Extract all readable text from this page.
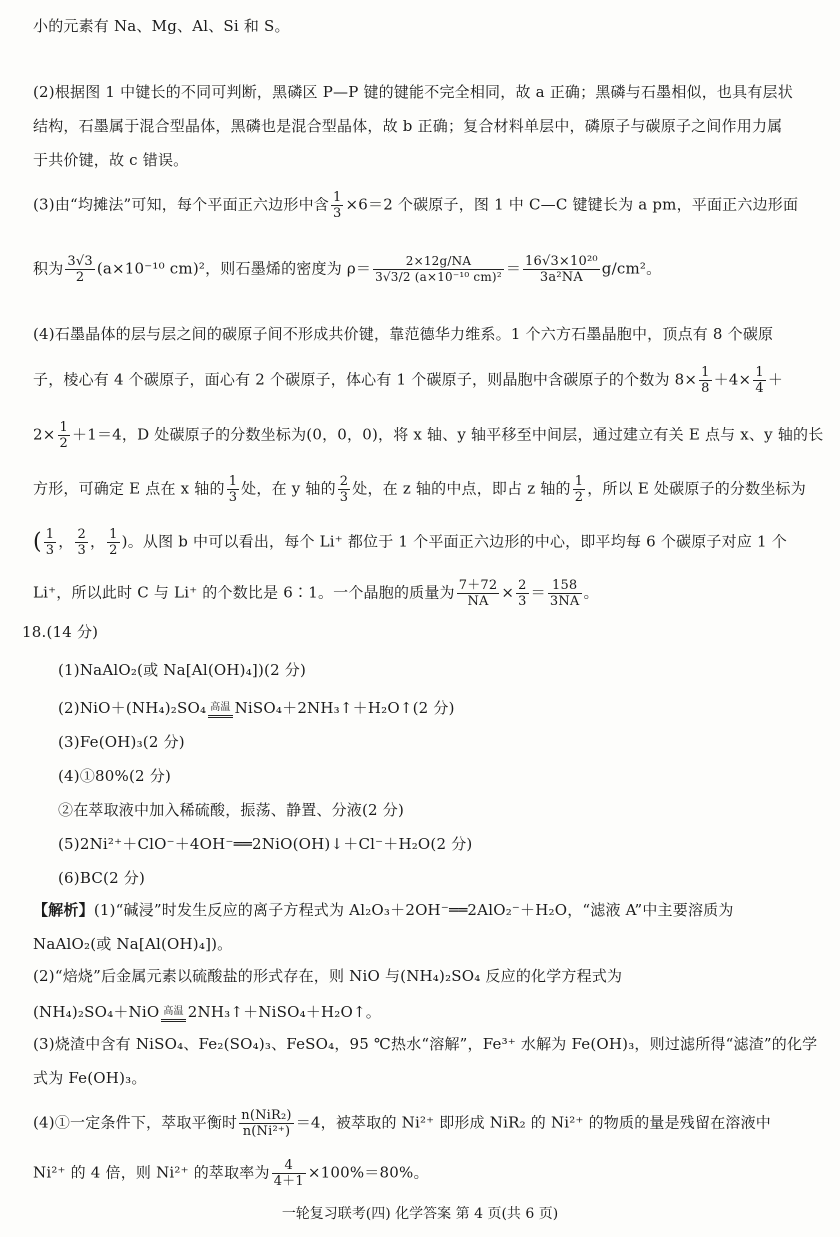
小的元素有 Na、Mg、Al、Si 和 S。
(2)根据图 1 中键长的不同可判断，黑磷区 P—P 键的键能不完全相同，故 a 正确；黑磷与石墨相似，也具有层状
结构，石墨属于混合型晶体，黑磷也是混合型晶体，故 b 正确；复合材料单层中，磷原子与碳原子之间作用力属
于共价键，故 c 错误。
(3)由“均摊法”可知，每个平面正六边形中含 $\frac{1}{3} \times 6=2$ 个碳原子，图 1 中 C—C 键键长为 a pm，平面正六边形面
积为 $\frac{3√3}{2} (a\times 10^{-10}$ cm)²，则石墨烯的密度为 $\rho= \frac{2\times 12g/NA}{\text{3√3/2 (a×10⁻¹⁰ cm)²}} = \frac{\text{16√3×10²⁰}}{\text{3a²NA}} g/cm^2$。
(4)石墨晶体的层与层之间的碳原子间不形成共价键，靠范德华力维系。1 个六方石墨晶胞中，顶点有 8 个碳原
子，棱心有 4 个碳原子，面心有 2 个碳原子，体心有 1 个碳原子，则晶胞中含碳原子的个数为 $8\times \frac{1}{8} +4\times \frac{1}{4}$ ＋
$2\times \frac{1}{2} +1=4$，D 处碳原子的分数坐标为(0，0，0)，将 x 轴、y 轴平移至中间层，通过建立有关 E 点与 x、y 轴的长
方形，可确定 E 点在 x 轴的 $\frac{1}{3}$ 处，在 y 轴的 $\frac{2}{3}$ 处，在 z 轴的中点，即占 z 轴的 $\frac{1}{2}$ ，所以 E 处碳原子的分数坐标为
( $\frac{1}{3}$ ， $\frac{2}{3}$ ， $\frac{1}{2}$ )。从图 b 中可以看出，每个 Li⁺ 都位于 1 个平面正六边形的中心，即平均每 6 个碳原子对应 1 个
Li⁺，所以此时 C 与 Li⁺ 的个数比是 6∶1。一个晶胞的质量为 $\frac{7+72}{NA} \times \frac{2}{3} = \frac{158}{3NA}$ 。
18.(14 分)
(1)NaAlO₂(或 Na[Al(OH)₄])(2 分)
(2)NiO＋(NH₄)₂SO₄ 高温 NiSO₄＋2NH₃↑＋H₂O↑(2 分)
(3)Fe(OH)₃(2 分)
(4)①80%(2 分)
②在萃取液中加入稀硫酸，振荡、静置、分液(2 分)
(5)2Ni²⁺＋ClO⁻＋4OH⁻══2NiO(OH)↓＋Cl⁻＋H₂O(2 分)
(6)BC(2 分)
【解析】(1)“碱浸”时发生反应的离子方程式为 Al₂O₃＋2OH⁻══2AlO₂⁻＋H₂O，“滤液 A”中主要溶质为
NaAlO₂(或 Na[Al(OH)₄])。
(2)“焙烧”后金属元素以硫酸盐的形式存在，则 NiO 与(NH₄)₂SO₄ 反应的化学方程式为
(NH₄)₂SO₄＋NiO 高温 2NH₃↑＋NiSO₄＋H₂O↑。
(3)烧渣中含有 NiSO₄、Fe₂(SO₄)₃、FeSO₄，95 ℃热水“溶解”，Fe³⁺ 水解为 Fe(OH)₃，则过滤所得“滤渣”的化学
式为 Fe(OH)₃。
(4)①一定条件下，萃取平衡时 $\frac{\text{n(NiR₂)}}{\text{n(Ni²⁺)}} =4$，被萃取的 Ni²⁺ 即形成 NiR₂ 的 Ni²⁺ 的物质的量是残留在溶液中
Ni²⁺ 的 4 倍，则 Ni²⁺ 的萃取率为 $\frac{4}{4+1} \times 100\%=80\%$。
一轮复习联考(四) 化学答案 第 4 页(共 6 页)
